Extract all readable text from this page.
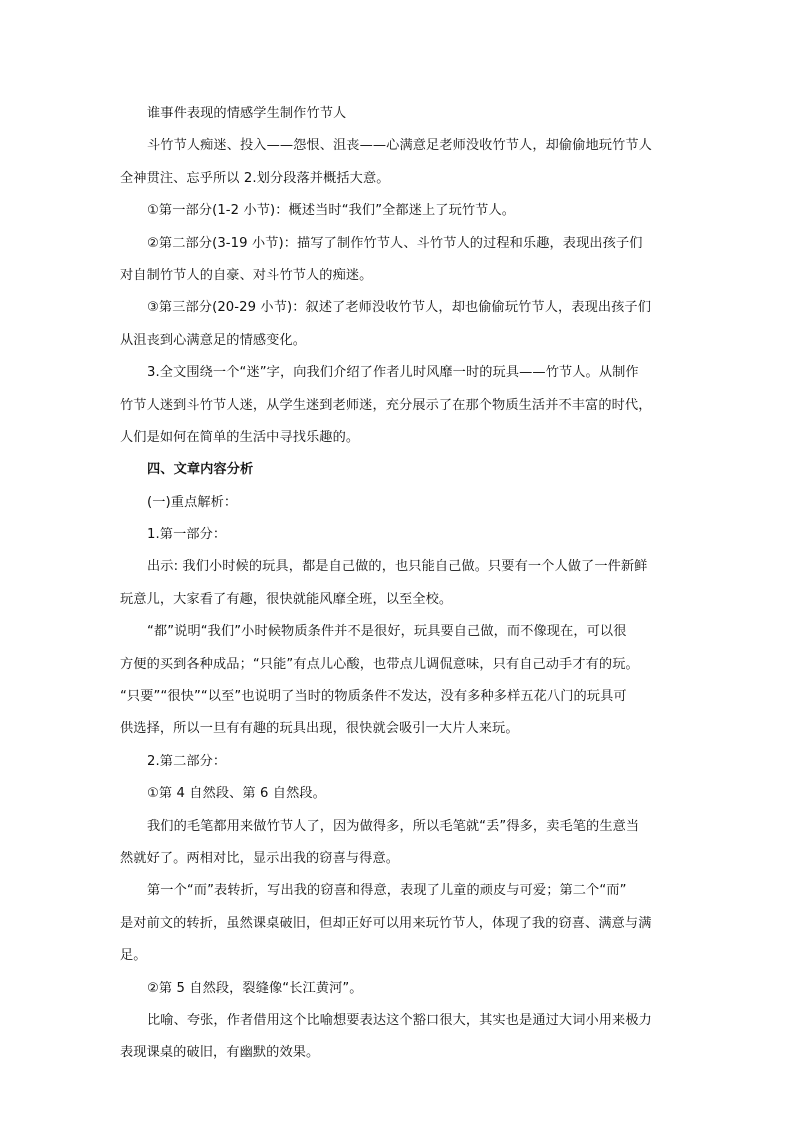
谁事件表现的情感学生制作竹节人
斗竹节人痴迷、投入——怨恨、沮丧——心满意足老师没收竹节人，却偷偷地玩竹节人
全神贯注、忘乎所以 2.划分段落并概括大意。
①第一部分(1-2 小节)：概述当时“我们”全都迷上了玩竹节人。
②第二部分(3-19 小节)：描写了制作竹节人、斗竹节人的过程和乐趣，表现出孩子们
对自制竹节人的自豪、对斗竹节人的痴迷。
③第三部分(20-29 小节)：叙述了老师没收竹节人，却也偷偷玩竹节人，表现出孩子们
从沮丧到心满意足的情感变化。
3.全文围绕一个“迷”字，向我们介绍了作者儿时风靡一时的玩具——竹节人。从制作
竹节人迷到斗竹节人迷，从学生迷到老师迷，充分展示了在那个物质生活并不丰富的时代，
人们是如何在简单的生活中寻找乐趣的。
四、文章内容分析
(一)重点解析：
1.第一部分：
出示: 我们小时候的玩具，都是自己做的，也只能自己做。只要有一个人做了一件新鲜
玩意儿，大家看了有趣，很快就能风靡全班，以至全校。
“都”说明“我们”小时候物质条件并不是很好，玩具要自己做，而不像现在，可以很
方便的买到各种成品；“只能”有点儿心酸，也带点儿调侃意味，只有自己动手才有的玩。
“只要”“很快”“以至”也说明了当时的物质条件不发达，没有多种多样五花八门的玩具可
供选择，所以一旦有有趣的玩具出现，很快就会吸引一大片人来玩。
2.第二部分：
①第 4 自然段、第 6 自然段。
我们的毛笔都用来做竹节人了，因为做得多，所以毛笔就“丢”得多，卖毛笔的生意当
然就好了。两相对比，显示出我的窃喜与得意。
第一个“而”表转折，写出我的窃喜和得意，表现了儿童的顽皮与可爱；第二个“而”
是对前文的转折，虽然课桌破旧，但却正好可以用来玩竹节人，体现了我的窃喜、满意与满
足。
②第 5 自然段，裂缝像“长江黄河”。
比喻、夸张，作者借用这个比喻想要表达这个豁口很大，其实也是通过大词小用来极力
表现课桌的破旧，有幽默的效果。
